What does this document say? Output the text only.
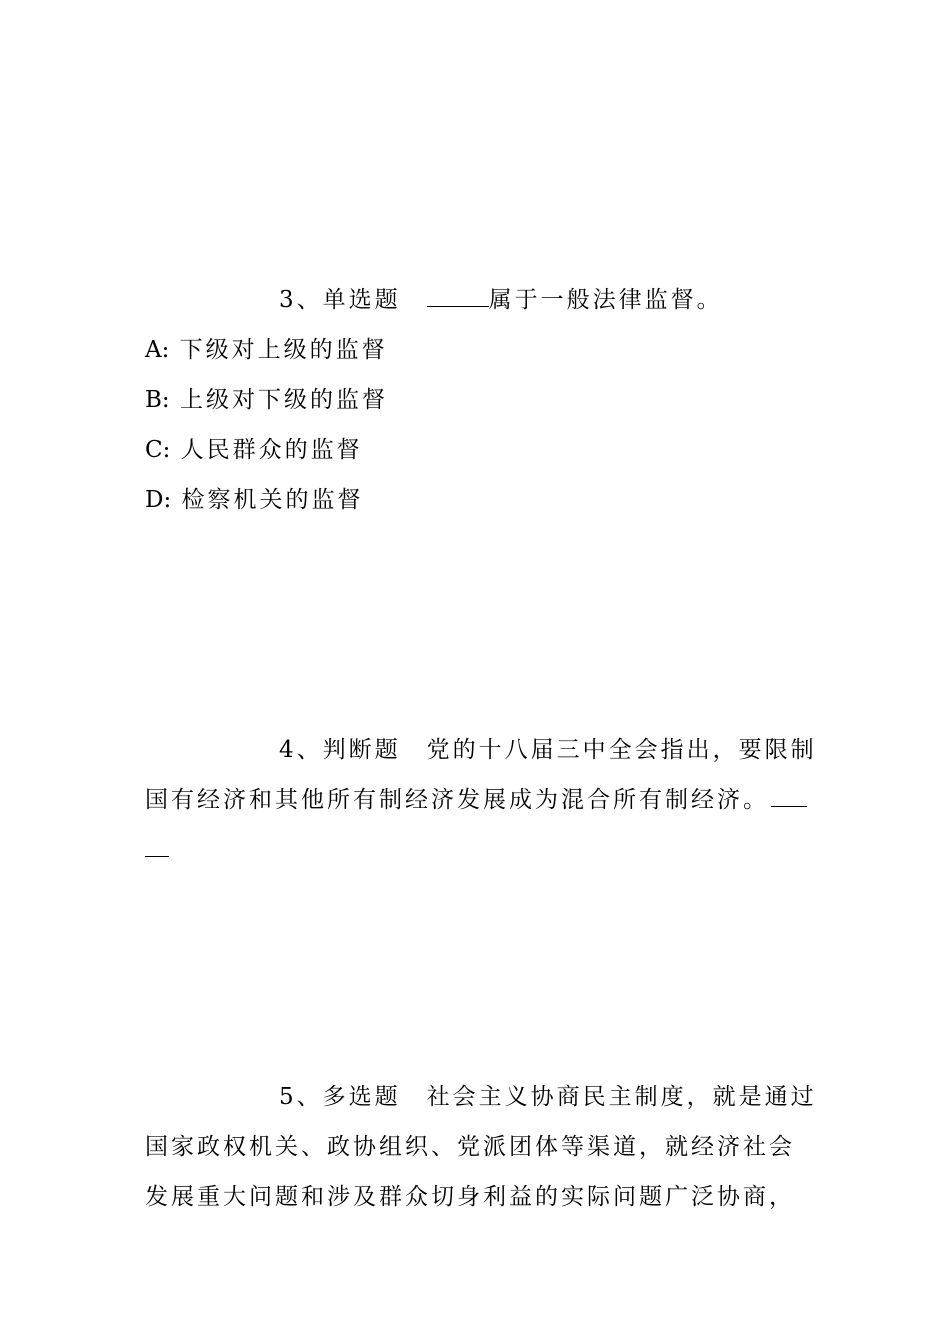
3、单选题	属于一般法律监督。
A: 下级对上级的监督
B: 上级对下级的监督
C: 人民群众的监督
D: 检察机关的监督
4、判断题 党的十八届三中全会指出，要限制
国有经济和其他所有制经济发展成为混合所有制经济。
5、多选题 社会主义协商民主制度，就是通过
国家政权机关、政协组织、党派团体等渠道，就经济社会
发展重大问题和涉及群众切身利益的实际问题广泛协商，
